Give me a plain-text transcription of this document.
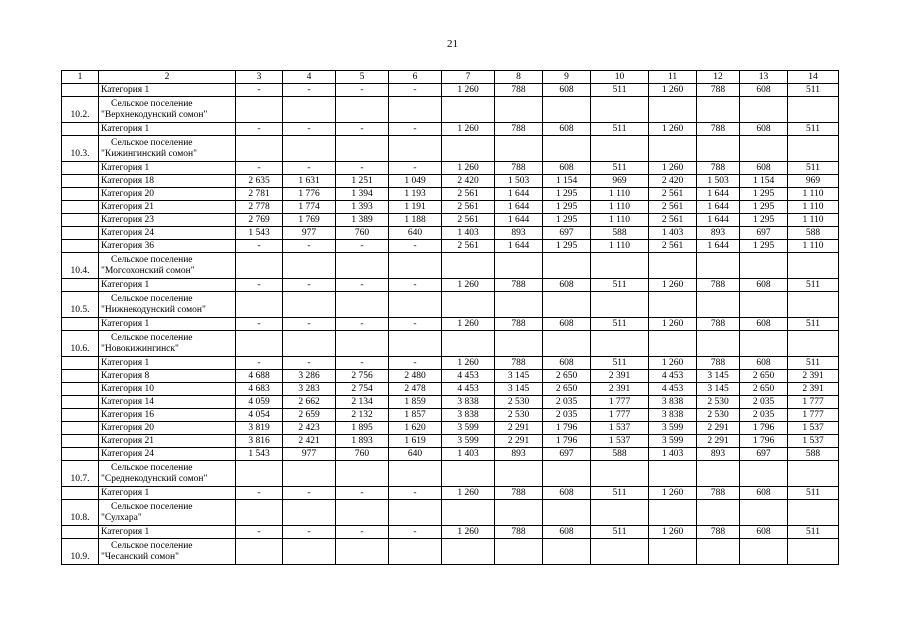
21
1	2	3	4	5	6	7	8	9	10	11	12	13	14
	Категория 1	-	-	-	-	1 260	788	608	511	1 260	788	608	511
10.2.	Сельское поселение
"Верхнекодунский сомон"												

	Категория 1	-	-	-	-	1 260	788	608	511	1 260	788	608	511
10.3.	Сельское поселение
"Кижингинский сомон"												

	Категория 1	-	-	-	-	1 260	788	608	511	1 260	788	608	511
	Категория 18	2 635	1 631	1 251	1 049	2 420	1 503	1 154	969	2 420	1 503	1 154	969
	Категория 20	2 781	1 776	1 394	1 193	2 561	1 644	1 295	1 110	2 561	1 644	1 295	1 110
	Категория 21	2 778	1 774	1 393	1 191	2 561	1 644	1 295	1 110	2 561	1 644	1 295	1 110
	Категория 23	2 769	1 769	1 389	1 188	2 561	1 644	1 295	1 110	2 561	1 644	1 295	1 110
	Категория 24	1 543	977	760	640	1 403	893	697	588	1 403	893	697	588
	Категория 36	-	-	-	-	2 561	1 644	1 295	1 110	2 561	1 644	1 295	1 110
10.4.	Сельское поселение
"Могсохонский сомон"												

	Категория 1	-	-	-	-	1 260	788	608	511	1 260	788	608	511
10.5.	Сельское поселение
"Нижнекодунский сомон"												

	Категория 1	-	-	-	-	1 260	788	608	511	1 260	788	608	511
10.6.	Сельское поселение
"Новокижингинск"												

	Категория 1	-	-	-	-	1 260	788	608	511	1 260	788	608	511
	Категория 8	4 688	3 286	2 756	2 480	4 453	3 145	2 650	2 391	4 453	3 145	2 650	2 391
	Категория 10	4 683	3 283	2 754	2 478	4 453	3 145	2 650	2 391	4 453	3 145	2 650	2 391
	Категория 14	4 059	2 662	2 134	1 859	3 838	2 530	2 035	1 777	3 838	2 530	2 035	1 777
	Категория 16	4 054	2 659	2 132	1 857	3 838	2 530	2 035	1 777	3 838	2 530	2 035	1 777
	Категория 20	3 819	2 423	1 895	1 620	3 599	2 291	1 796	1 537	3 599	2 291	1 796	1 537
	Категория 21	3 816	2 421	1 893	1 619	3 599	2 291	1 796	1 537	3 599	2 291	1 796	1 537
	Категория 24	1 543	977	760	640	1 403	893	697	588	1 403	893	697	588
10.7.	Сельское поселение
"Среднекодунский сомон"												

	Категория 1	-	-	-	-	1 260	788	608	511	1 260	788	608	511
10.8.	Сельское поселение
"Сулхара"												

	Категория 1	-	-	-	-	1 260	788	608	511	1 260	788	608	511
10.9.	Сельское поселение
"Чесанский сомон"												
